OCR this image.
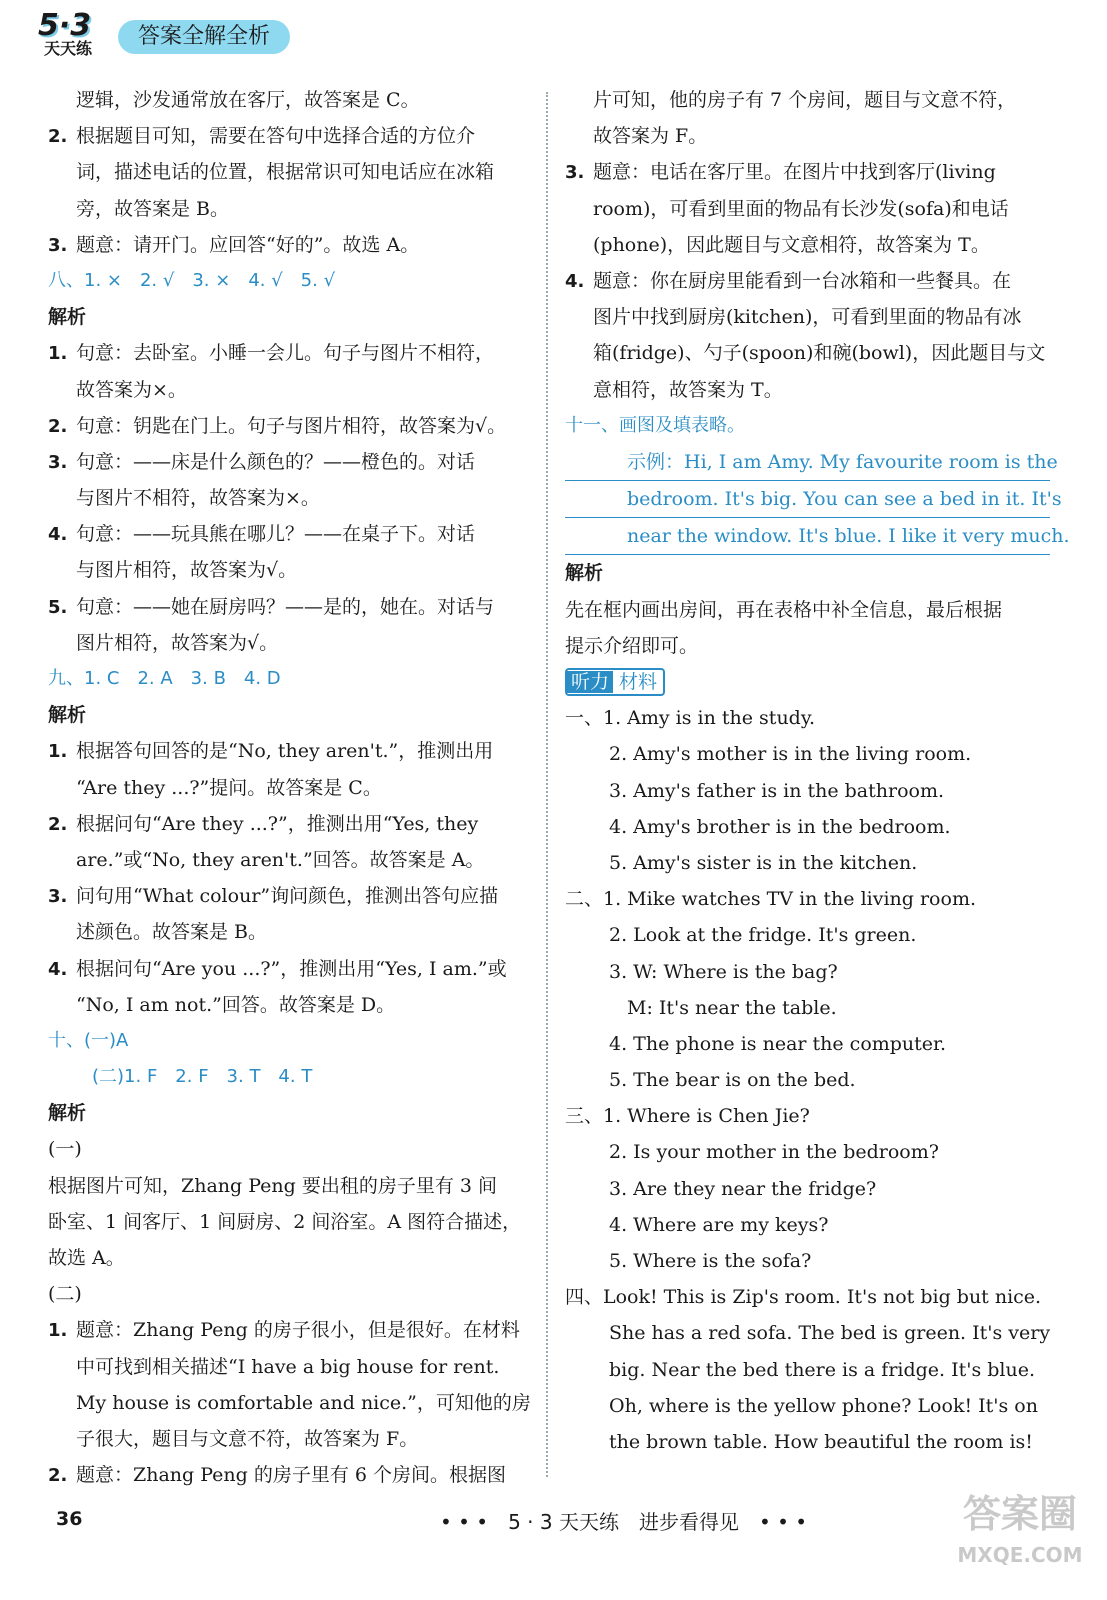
5·3
天天练	答案全解全析
逻辑，沙发通常放在客厅，故答案是 C。
2. 根据题目可知，需要在答句中选择合适的方位介
词，描述电话的位置，根据常识可知电话应在冰箱
旁，故答案是 B。
3. 题意：请开门。应回答“好的”。故选 A。
八、1. ×　2. √　3. ×　4. √　5. √
解析
1. 句意：去卧室。小睡一会儿。句子与图片不相符，
故答案为×。
2. 句意：钥匙在门上。句子与图片相符，故答案为√。
3. 句意：——床是什么颜色的？——橙色的。对话
与图片不相符，故答案为×。
4. 句意：——玩具熊在哪儿？——在桌子下。对话
与图片相符，故答案为√。
5. 句意：——她在厨房吗？——是的，她在。对话与
图片相符，故答案为√。
九、1. C　2. A　3. B　4. D
解析
1. 根据答句回答的是“No, they aren't.”，推测出用
“Are they ...?”提问。故答案是 C。
2. 根据问句“Are they ...?”，推测出用“Yes, they
are.”或“No, they aren't.”回答。故答案是 A。
3. 问句用“What colour”询问颜色，推测出答句应描
述颜色。故答案是 B。
4. 根据问句“Are you ...?”，推测出用“Yes, I am.”或
“No, I am not.”回答。故答案是 D。
十、(一)A
(二)1. F　2. F　3. T　4. T
解析
(一)
根据图片可知，Zhang Peng 要出租的房子里有 3 间
卧室、1 间客厅、1 间厨房、2 间浴室。A 图符合描述，
故选 A。
(二)
1. 题意：Zhang Peng 的房子很小，但是很好。在材料
中可找到相关描述“I have a big house for rent.
My house is comfortable and nice.”，可知他的房
子很大，题目与文意不符，故答案为 F。
2. 题意：Zhang Peng 的房子里有 6 个房间。根据图
片可知，他的房子有 7 个房间，题目与文意不符，
故答案为 F。
3. 题意：电话在客厅里。在图片中找到客厅(living
room)，可看到里面的物品有长沙发(sofa)和电话
(phone)，因此题目与文意相符，故答案为 T。
4. 题意：你在厨房里能看到一台冰箱和一些餐具。在
图片中找到厨房(kitchen)，可看到里面的物品有冰
箱(fridge)、勺子(spoon)和碗(bowl)，因此题目与文
意相符，故答案为 T。
十一、画图及填表略。
示例：Hi, I am Amy. My favourite room is the
bedroom. It's big. You can see a bed in it. It's
near the window. It's blue. I like it very much.
解析
先在框内画出房间，再在表格中补全信息，最后根据
提示介绍即可。
听力 材料
一、1. Amy is in the study.
2. Amy's mother is in the living room.
3. Amy's father is in the bathroom.
4. Amy's brother is in the bedroom.
5. Amy's sister is in the kitchen.
二、1. Mike watches TV in the living room.
2. Look at the fridge. It's green.
3. W: Where is the bag?
M: It's near the table.
4. The phone is near the computer.
5. The bear is on the bed.
三、1. Where is Chen Jie?
2. Is your mother in the bedroom?
3. Are they near the fridge?
4. Where are my keys?
5. Where is the sofa?
四、Look! This is Zip's room. It's not big but nice.
She has a red sofa. The bed is green. It's very
big. Near the bed there is a fridge. It's blue.
Oh, where is the yellow phone? Look! It's on
the brown table. How beautiful the room is!
36	• • •　5 · 3 天天练　进步看得见　• • •	答案圈
MXQE.COM
